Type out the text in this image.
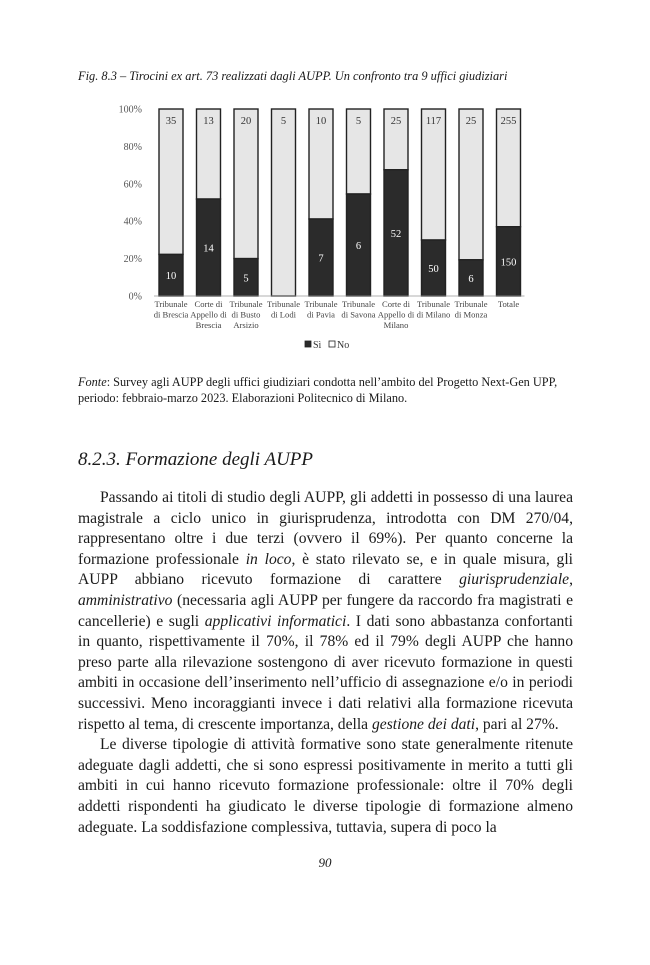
Fig. 8.3 – Tirocini ex art. 73 realizzati dagli AUPP. Un confronto tra 9 uffici giudiziari
0%
20%
40%
60%
80%
100%
10
35
Tribunale
di Brescia
14
13
Corte di
Appello di
Brescia
5
20
Tribunale
di Busto
Arsizio
5
Tribunale
di Lodi
7
10
Tribunale
di Pavia
6
5
Tribunale
di Savona
52
25
Corte di
Appello di
Milano
50
117
Tribunale
di Milano
6
25
Tribunale
di Monza
150
255
Totale
Sì No
Fonte: Survey agli AUPP degli uffici giudiziari condotta nell’ambito del Progetto Next-Gen UPP, periodo: febbraio-marzo 2023. Elaborazioni Politecnico di Milano.
8.2.3. Formazione degli AUPP

Passando ai titoli di studio degli AUPP, gli addetti in possesso di una laurea magistrale a ciclo unico in giurisprudenza, introdotta con DM 270/04, rappresentano oltre i due terzi (ovvero il 69%). Per quanto concerne la formazione professionale in loco, è stato rilevato se, e in quale misura, gli AUPP abbiano ricevuto formazione di carattere giurisprudenziale, amministrativo (necessaria agli AUPP per fungere da raccordo fra magistrati e cancellerie) e sugli applicativi informatici. I dati sono abbastanza confortanti in quanto, rispettivamente il 70%, il 78% ed il 79% degli AUPP che hanno preso parte alla rilevazione sostengono di aver ricevuto formazione in questi ambiti in occasione dell’inserimento nell’ufficio di assegnazione e/o in periodi successivi. Meno incoraggianti invece i dati relativi alla formazione ricevuta rispetto al tema, di crescente importanza, della gestione dei dati, pari al 27%.

Le diverse tipologie di attività formative sono state generalmente ritenute adeguate dagli addetti, che si sono espressi positivamente in merito a tutti gli ambiti in cui hanno ricevuto formazione professionale: oltre il 70% degli addetti rispondenti ha giudicato le diverse tipologie di formazione almeno adeguate. La soddisfazione complessiva, tuttavia, supera di poco la

90
